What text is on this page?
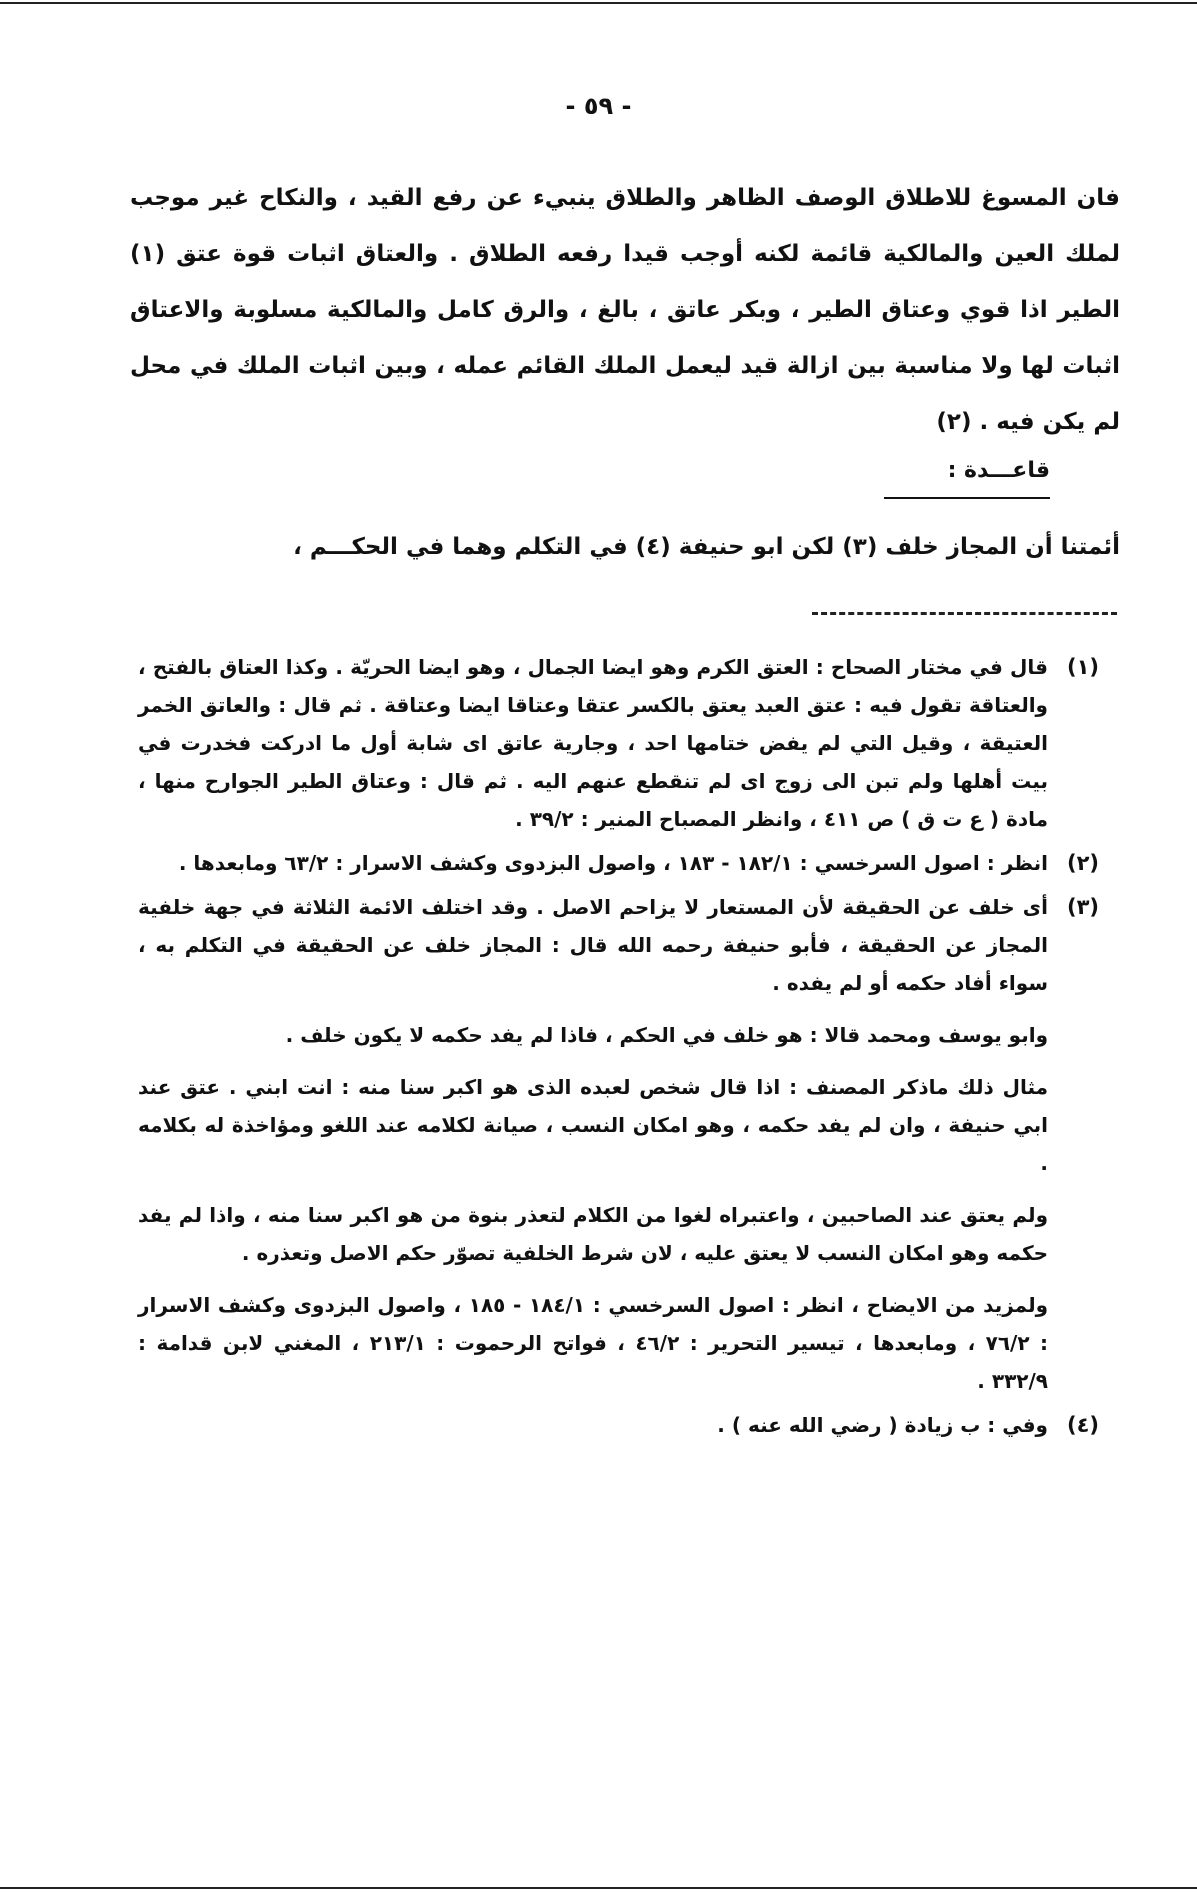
- ٥٩ -

فان المسوغ للاطلاق الوصف الظاهر والطلاق ينبيء عن رفع القيد ، والنكاح غير موجب لملك العين والمالكية قائمة لكنه أوجب قيدا رفعه الطلاق . والعتاق اثبات قوة عتق (١) الطير اذا قوي وعتاق الطير ، وبكر عاتق ، بالغ ، والرق كامل والمالكية مسلوبة والاعتاق اثبات لها ولا مناسبة بين ازالة قيد ليعمل الملك القائم عمله ، وبين اثبات الملك في محل لم يكن فيه . (٢)

قاعـــدة :
أئمتنا أن المجاز خلف (٣) لكن ابو حنيفة (٤) في التكلم وهما في الحكـــم ،
(١)

قال في مختار الصحاح : العتق الكرم وهو ايضا الجمال ، وهو ايضا الحريّة . وكذا العتاق بالفتح ، والعتاقة تقول فيه : عتق العبد يعتق بالكسر عتقا وعتاقا ايضا وعتاقة . ثم قال : والعاتق الخمر العتيقة ، وقيل التي لم يفض ختامها احد ، وجارية عاتق اى شابة أول ما ادركت فخدرت في بيت أهلها ولم تبن الى زوج اى لم تنقطع عنهم اليه . ثم قال : وعتاق الطير الجوارح منها ، مادة ( ع ت ق ) ص ٤١١ ، وانظر المصباح المنير : ٣٩/٢ .

(٢)

انظر : اصول السرخسي : ١٨٢/١ - ١٨٣ ، واصول البزدوى وكشف الاسرار : ٦٣/٢ ومابعدها .

(٣)

أى خلف عن الحقيقة لأن المستعار لا يزاحم الاصل . وقد اختلف الائمة الثلاثة في جهة خلفية المجاز عن الحقيقة ، فأبو حنيفة رحمه الله قال : المجاز خلف عن الحقيقة في التكلم به ، سواء أفاد حكمه أو لم يفده .

وابو يوسف ومحمد قالا : هو خلف في الحكم ، فاذا لم يفد حكمه لا يكون خلف .

مثال ذلك ماذكر المصنف : اذا قال شخص لعبده الذى هو اكبر سنا منه : انت ابني . عتق عند ابي حنيفة ، وان لم يفد حكمه ، وهو امكان النسب ، صيانة لكلامه عند اللغو ومؤاخذة له بكلامه .

ولم يعتق عند الصاحبين ، واعتبراه لغوا من الكلام لتعذر بنوة من هو اكبر سنا منه ، واذا لم يفد حكمه وهو امكان النسب لا يعتق عليه ، لان شرط الخلفية تصوّر حكم الاصل وتعذره .

ولمزيد من الايضاح ، انظر : اصول السرخسي : ١٨٤/١ - ١٨٥ ، واصول البزدوى وكشف الاسرار : ٧٦/٢ ، ومابعدها ، تيسير التحرير : ٤٦/٢ ، فواتح الرحموت : ٢١٣/١ ، المغني لابن قدامة : ٣٣٢/٩ .

(٤)

وفي : ب زيادة ( رضي الله عنه ) .
